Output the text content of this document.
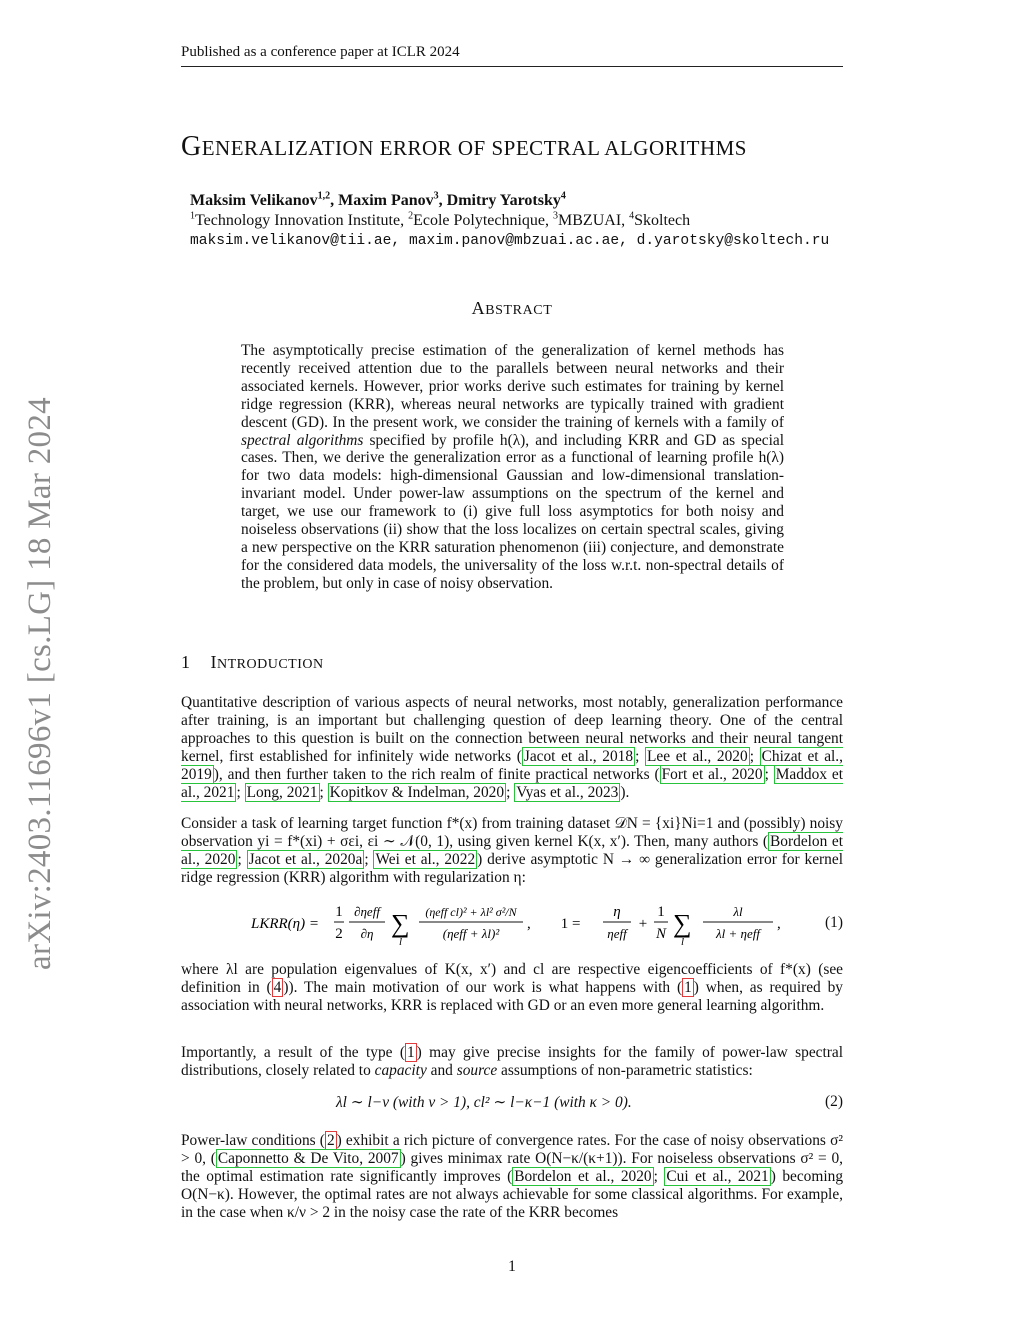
Published as a conference paper at ICLR 2024
arXiv:2403.11696v1 [cs.LG] 18 Mar 2024
GENERALIZATION ERROR OF SPECTRAL ALGORITHMS
Maksim Velikanov$^{1,2}$, Maxim Panov$^3$, Dmitry Yarotsky$^4$
$^1$Technology Innovation Institute, $^2$Ecole Polytechnique, $^3$MBZUAI, $^4$Skoltech
maksim.velikanov@tii.ae, maxim.panov@mbzuai.ac.ae, d.yarotsky@skoltech.ru
ABSTRACT
The asymptotically precise estimation of the generalization of kernel methods has recently received attention due to the parallels between neural networks and their associated kernels. However, prior works derive such estimates for training by kernel ridge regression (KRR), whereas neural networks are typically trained with gradient descent (GD). In the present work, we consider the training of kernels with a family of spectral algorithms specified by profile h(λ), and including KRR and GD as special cases. Then, we derive the generalization error as a functional of learning profile h(λ) for two data models: high-dimensional Gaussian and low-dimensional translation-invariant model. Under power-law assumptions on the spectrum of the kernel and target, we use our framework to (i) give full loss asymptotics for both noisy and noiseless observations (ii) show that the loss localizes on certain spectral scales, giving a new perspective on the KRR saturation phenomenon (iii) conjecture, and demonstrate for the considered data models, the universality of the loss w.r.t. non-spectral details of the problem, but only in case of noisy observation.
1 INTRODUCTION
Quantitative description of various aspects of neural networks, most notably, generalization performance after training, is an important but challenging question of deep learning theory. One of the central approaches to this question is built on the connection between neural networks and their neural tangent kernel, first established for infinitely wide networks ( Jacot et al., 2018 ; Lee et al., 2020 ; Chizat et al., 2019 ), and then further taken to the rich realm of finite practical networks ( Fort et al., 2020 ; Maddox et al., 2021 ; Long, 2021 ; Kopitkov & Indelman, 2020 ; Vyas et al., 2023 ).
Consider a task of learning target function f*(x) from training dataset 𝒟N = {xi}Ni=1 and (possibly) noisy observation yi = f*(xi) + σεi, εi ∼ 𝒩(0, 1), using given kernel K(x, x′). Then, many authors ( Bordelon et al., 2020 ; Jacot et al., 2020a ; Wei et al., 2022 ) derive asymptotic N → ∞ generalization error for kernel ridge regression (KRR) algorithm with regularization η:
LKRR(η) =
1
2
∂ηeff
∂η ∑
l
(ηeff cl)² + λl² σ²/N
(ηeff + λl)²
,        1 =
η
ηeff
+
1
N ∑
l
λl
λl + ηeff
,	(1)
where λl are population eigenvalues of K(x, x′) and cl are respective eigencoefficients of f*(x) (see definition in ( 4 )). The main motivation of our work is what happens with ( 1 ) when, as required by association with neural networks, KRR is replaced with GD or an even more general learning algorithm.
Importantly, a result of the type ( 1 ) may give precise insights for the family of power-law spectral distributions, closely related to capacity and source assumptions of non-parametric statistics:
λl ∼ l−ν (with ν > 1), cl² ∼ l−κ−1 (with κ > 0).	(2)
Power-law conditions ( 2 ) exhibit a rich picture of convergence rates. For the case of noisy observations σ² > 0, ( Caponnetto & De Vito, 2007 ) gives minimax rate O(N−κ/(κ+1)). For noiseless observations σ² = 0, the optimal estimation rate significantly improves ( Bordelon et al., 2020 ; Cui et al., 2021 ) becoming O(N−κ). However, the optimal rates are not always achievable for some classical algorithms. For example, in the case when κ/ν > 2 in the noisy case the rate of the KRR becomes
1
